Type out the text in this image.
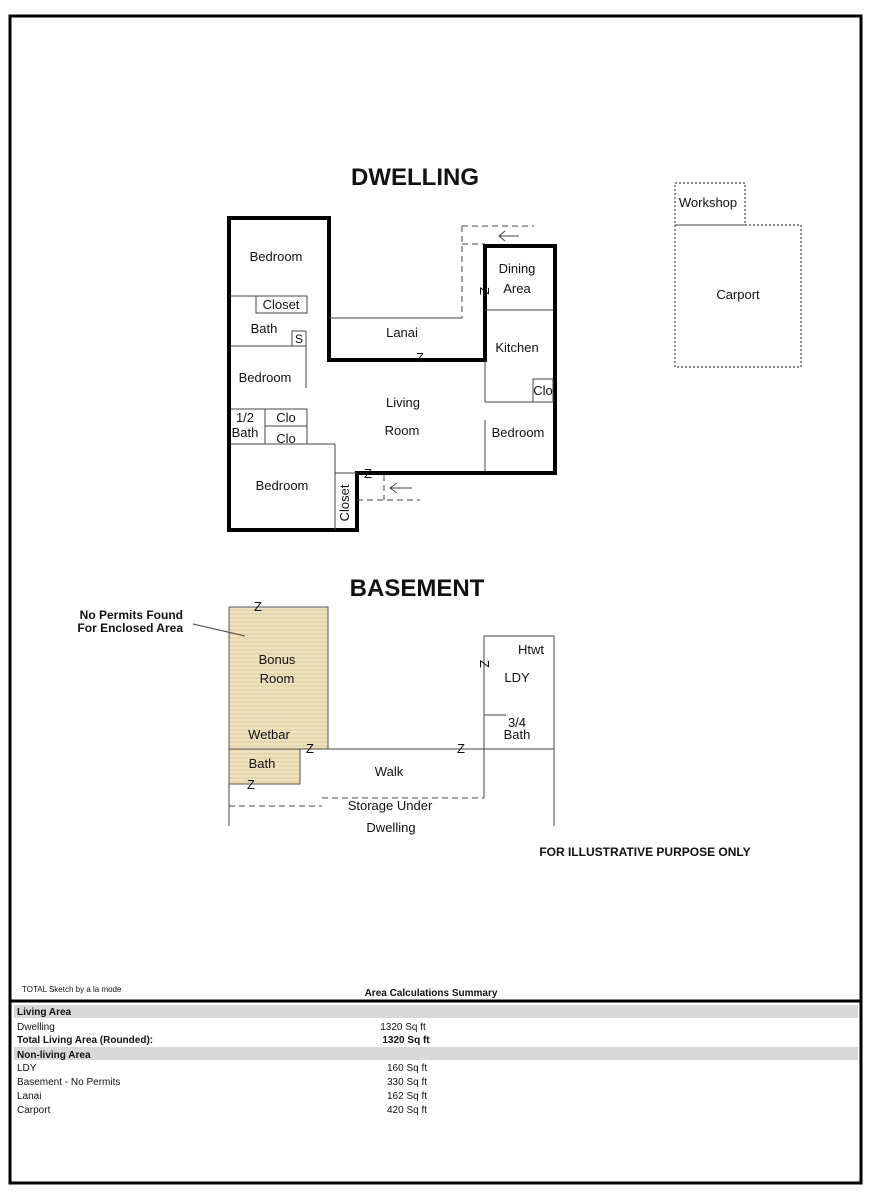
DWELLING
Bedroom
Closet
Bath
S
Bedroom
1/2
Bath
Clo
Clo
Bedroom Closet
Lanai
Living
Room
Dining
Area
Kitchen
Clo
Bedroom
Z
Z
Z
Workshop
Carport
BASEMENT
No Permits Found
For Enclosed Area
Bonus
Room
Wetbar
Bath
Walk
Storage Under
Dwelling
Htwt
LDY
3/4
Bath
Z
Z	Z
Z
Z
FOR ILLUSTRATIVE PURPOSE ONLY
TOTAL Sketch by a la mode	Area Calculations Summary
Living Area
Dwelling	1320 Sq ft
Total Living Area (Rounded):	1320 Sq ft
Non-living Area
LDY	160 Sq ft
Basement - No Permits	330 Sq ft
Lanai	162 Sq ft
Carport	420 Sq ft
